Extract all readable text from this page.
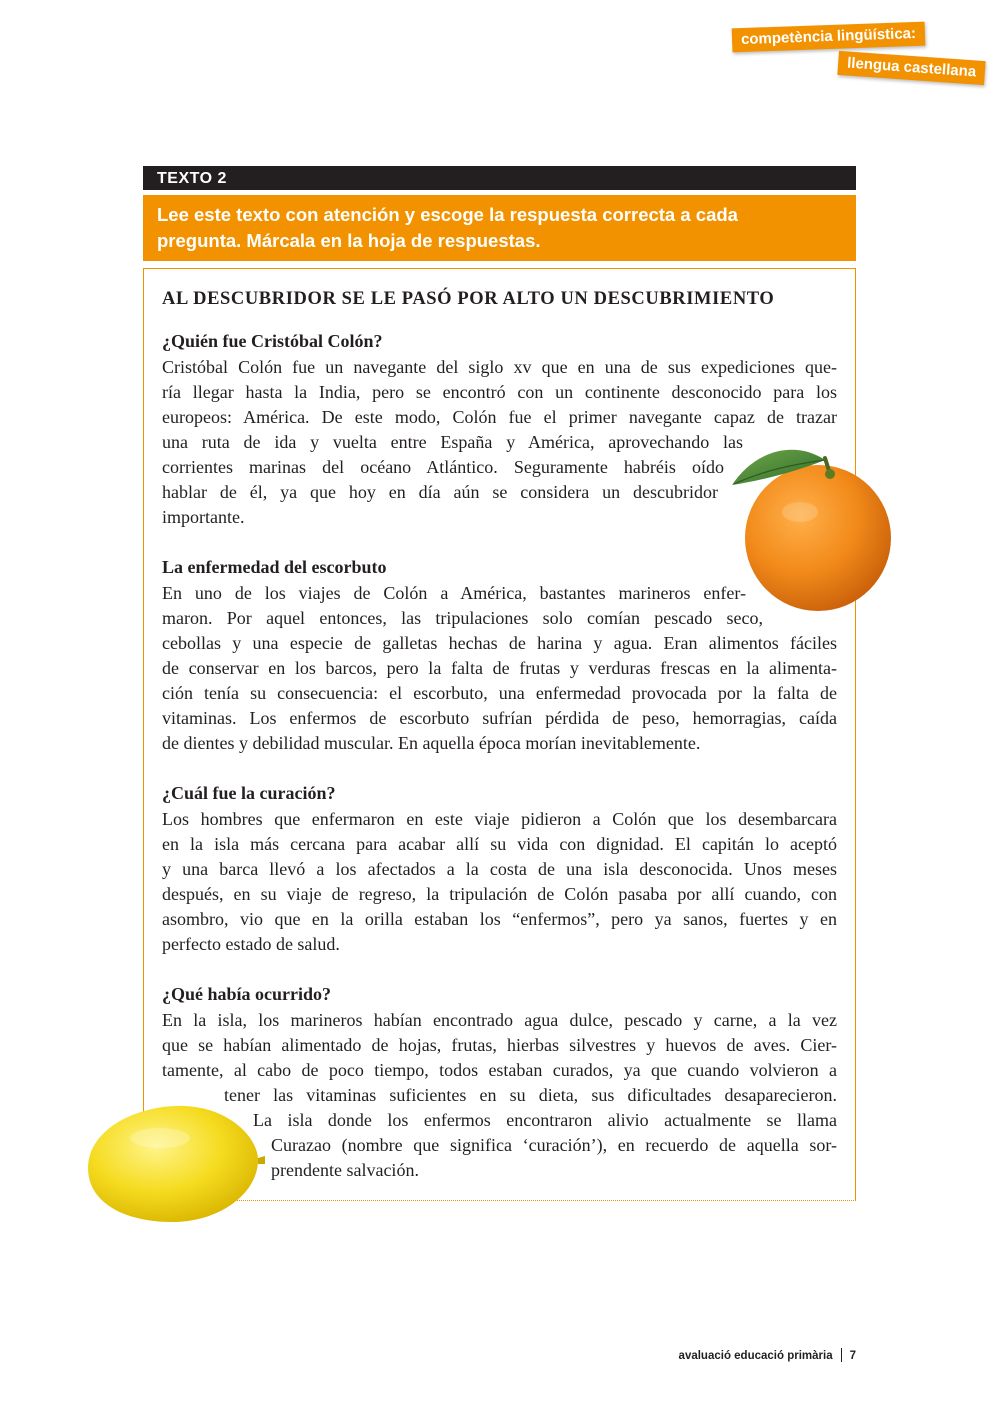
competència lingüística:
llengua castellana
TEXTO 2
Lee este texto con atención y escoge la respuesta correcta a cada
pregunta. Márcala en la hoja de respuestas.
AL DESCUBRIDOR SE LE PASÓ POR ALTO UN DESCUBRIMIENTO
¿Quién fue Cristóbal Colón?
Cristóbal Colón fue un navegante del siglo xv que en una de sus expediciones que-
ría llegar hasta la India, pero se encontró con un continente desconocido para los
europeos: América. De este modo, Colón fue el primer navegante capaz de trazar
una ruta de ida y vuelta entre España y América, aprovechando las
corrientes marinas del océano Atlántico. Seguramente habréis oído
hablar de él, ya que hoy en día aún se considera un descubridor
importante.
La enfermedad del escorbuto
En uno de los viajes de Colón a América, bastantes marineros enfer-
maron. Por aquel entonces, las tripulaciones solo comían pescado seco,
cebollas y una especie de galletas hechas de harina y agua. Eran alimentos fáciles
de conservar en los barcos, pero la falta de frutas y verduras frescas en la alimenta-
ción tenía su consecuencia: el escorbuto, una enfermedad provocada por la falta de
vitaminas. Los enfermos de escorbuto sufrían pérdida de peso, hemorragias, caída
de dientes y debilidad muscular. En aquella época morían inevitablemente.
¿Cuál fue la curación?
Los hombres que enfermaron en este viaje pidieron a Colón que los desembarcara
en la isla más cercana para acabar allí su vida con dignidad. El capitán lo aceptó
y una barca llevó a los afectados a la costa de una isla desconocida. Unos meses
después, en su viaje de regreso, la tripulación de Colón pasaba por allí cuando, con
asombro, vio que en la orilla estaban los “enfermos”, pero ya sanos, fuertes y en
perfecto estado de salud.
¿Qué había ocurrido?
En la isla, los marineros habían encontrado agua dulce, pescado y carne, a la vez
que se habían alimentado de hojas, frutas, hierbas silvestres y huevos de aves. Cier-
tamente, al cabo de poco tiempo, todos estaban curados, ya que cuando volvieron a
tener las vitaminas suficientes en su dieta, sus dificultades desaparecieron.
La isla donde los enfermos encontraron alivio actualmente se llama
Curazao (nombre que significa ‘curación’), en recuerdo de aquella sor-
prendente salvación.
avaluació educació primària 7
